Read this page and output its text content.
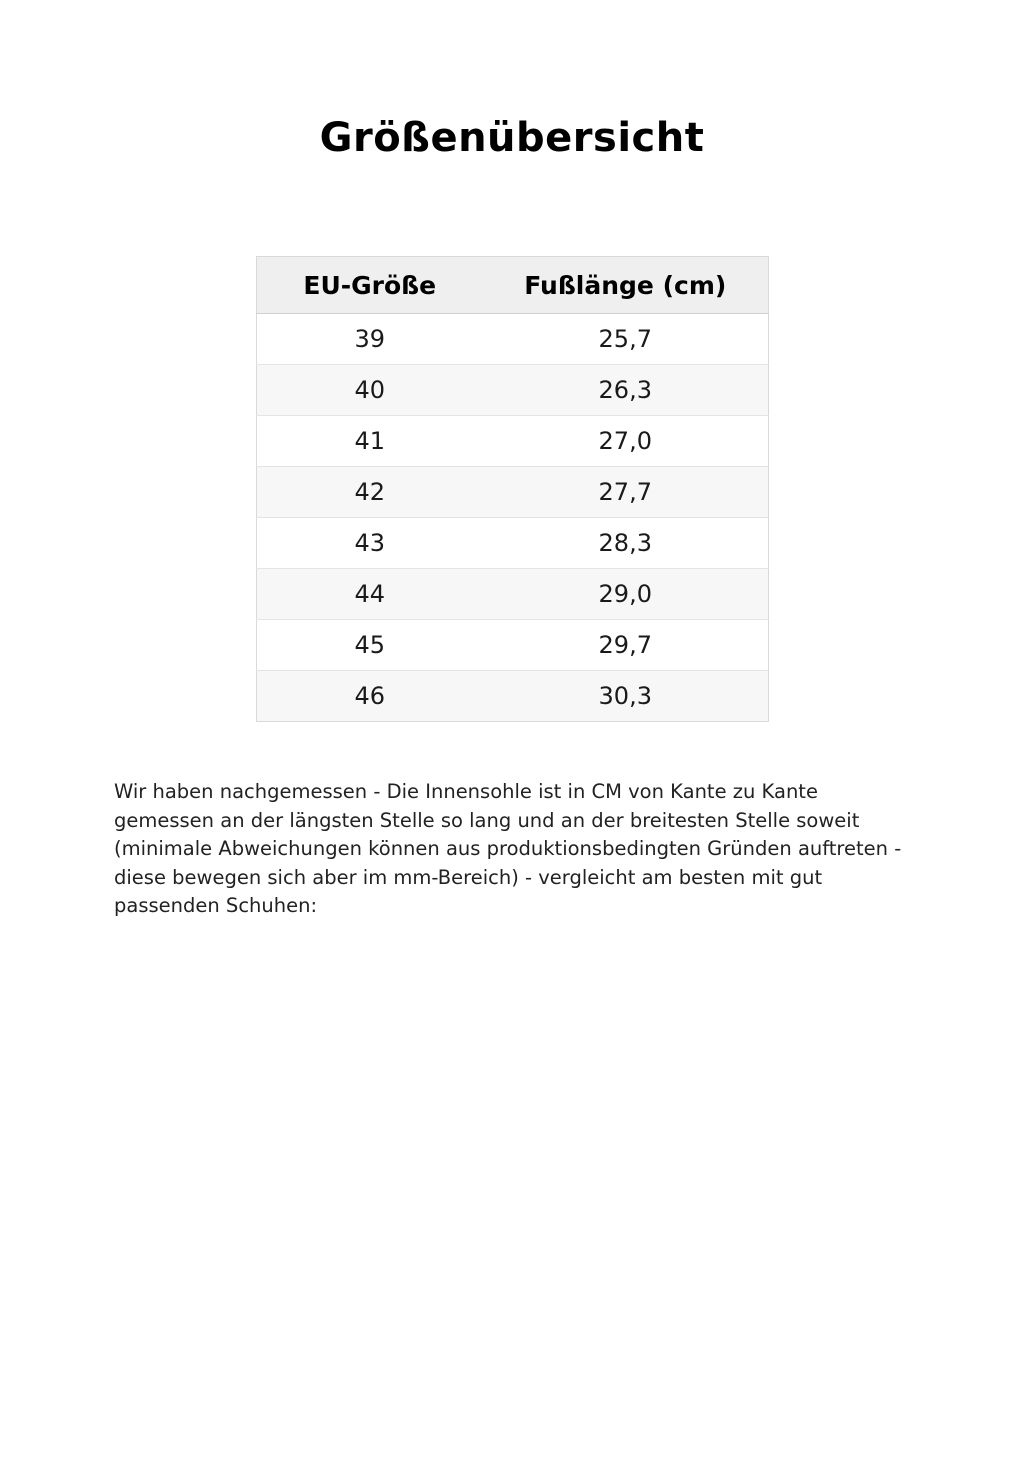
Größenübersicht
EU-Größe	Fußlänge (cm)
39	25,7
40	26,3
41	27,0
42	27,7
43	28,3
44	29,0
45	29,7
46	30,3

Wir haben nachgemessen - Die Innensohle ist in CM von Kante zu Kante gemessen an der längsten Stelle so lang und an der breitesten Stelle soweit (minimale Abweichungen können aus produktionsbedingten Gründen auftreten - diese bewegen sich aber im mm-Bereich) - vergleicht am besten mit gut passenden Schuhen:
